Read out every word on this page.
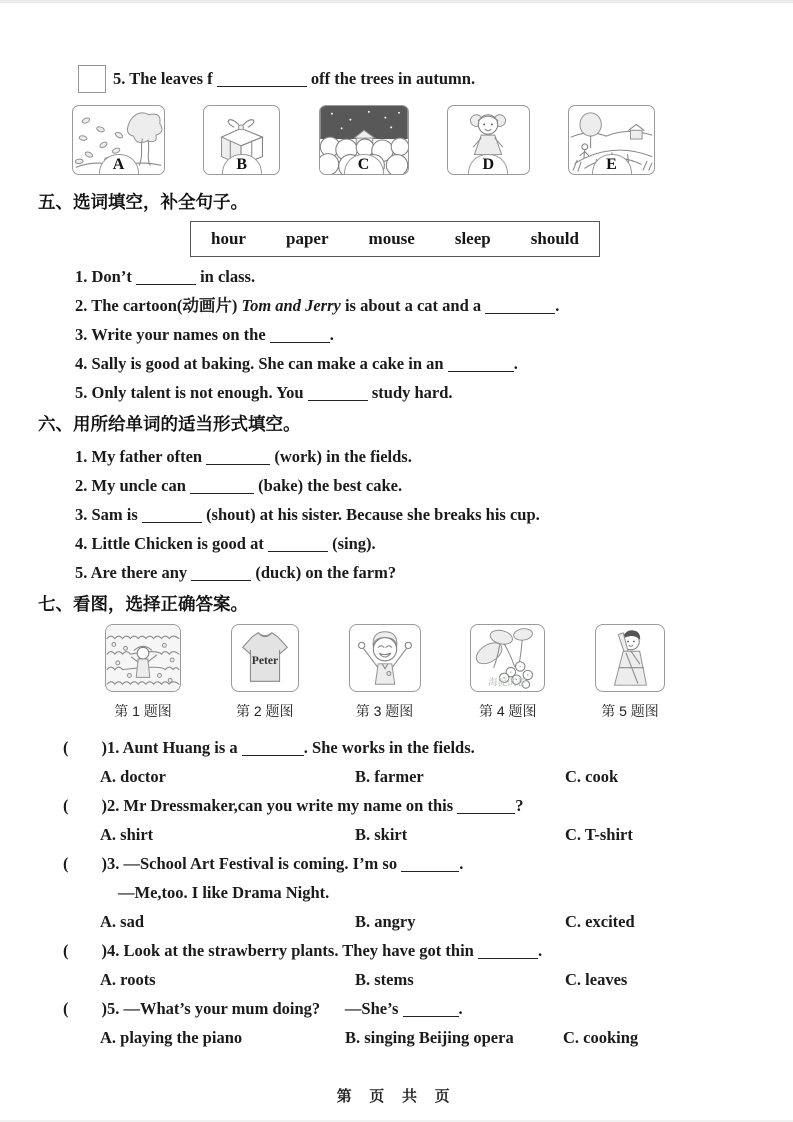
5. The leaves f	off the trees in autumn.
A	B	C	D	E
五、选词填空，补全句子。
hour paper mouse sleep should
1. Don’t	in class.
2. The cartoon(动画片) Tom and Jerry is about a cat and a	.
3. Write your names on the	.
4. Sally is good at baking. She can make a cake in an	.
5. Only talent is not enough. You	study hard.
六、用所给单词的适当形式填空。
1. My father often	(work) in the fields.
2. My uncle can	(bake) the best cake.
3. Sam is	(shout) at his sister. Because she breaks his cup.
4. Little Chicken is good at	(sing).
5. Are there any	(duck) on the farm?
七、看图，选择正确答案。
第 1 题图
Peter
第 2 题图	第 3 题图
海淀试卷
第 4 题图	第 5 题图
(  )1. Aunt Huang is a	. She works in the fields.
A. doctor	B. farmer	C. cook
(  )2. Mr Dressmaker,can you write my name on this	?
A. shirt	B. skirt	C. T-shirt
(  )3. —School Art Festival is coming. I’m so	.
—Me,too. I like Drama Night.
A. sad	B. angry	C. excited
(  )4. Look at the strawberry plants. They have got thin	.
A. roots	B. stems	C. leaves
(  )5. —What’s your mum doing?  —She’s	.
A. playing the piano	B. singing Beijing opera	C. cooking
第 页 共 页
